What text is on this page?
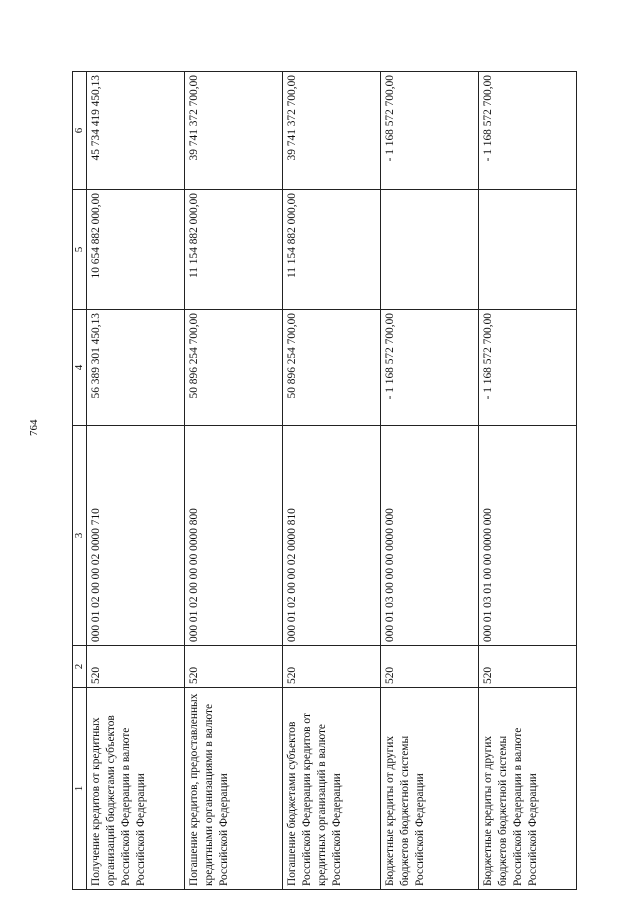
764
1	2	3	4	5	6
Получение кредитов от кредитных организаций бюджетами субъектов Российской Федерации в валюте Российской Федерации	520	000 01 02 00 00 02 0000 710	56 389 301 450,13	10 654 882 000,00	45 734 419 450,13
Погашение кредитов, предоставленных кредитными организациями в валюте Российской Федерации	520	000 01 02 00 00 00 0000 800	50 896 254 700,00	11 154 882 000,00	39 741 372 700,00
Погашение бюджетами субъектов Российской Федерации кредитов от кредитных организаций в валюте Российской Федерации	520	000 01 02 00 00 02 0000 810	50 896 254 700,00	11 154 882 000,00	39 741 372 700,00
Бюджетные кредиты от других бюджетов бюджетной системы Российской Федерации	520	000 01 03 00 00 00 0000 000	- 1 168 572 700,00		- 1 168 572 700,00
Бюджетные кредиты от других бюджетов бюджетной системы Российской Федерации в валюте Российской Федерации	520	000 01 03 01 00 00 0000 000	- 1 168 572 700,00		- 1 168 572 700,00
